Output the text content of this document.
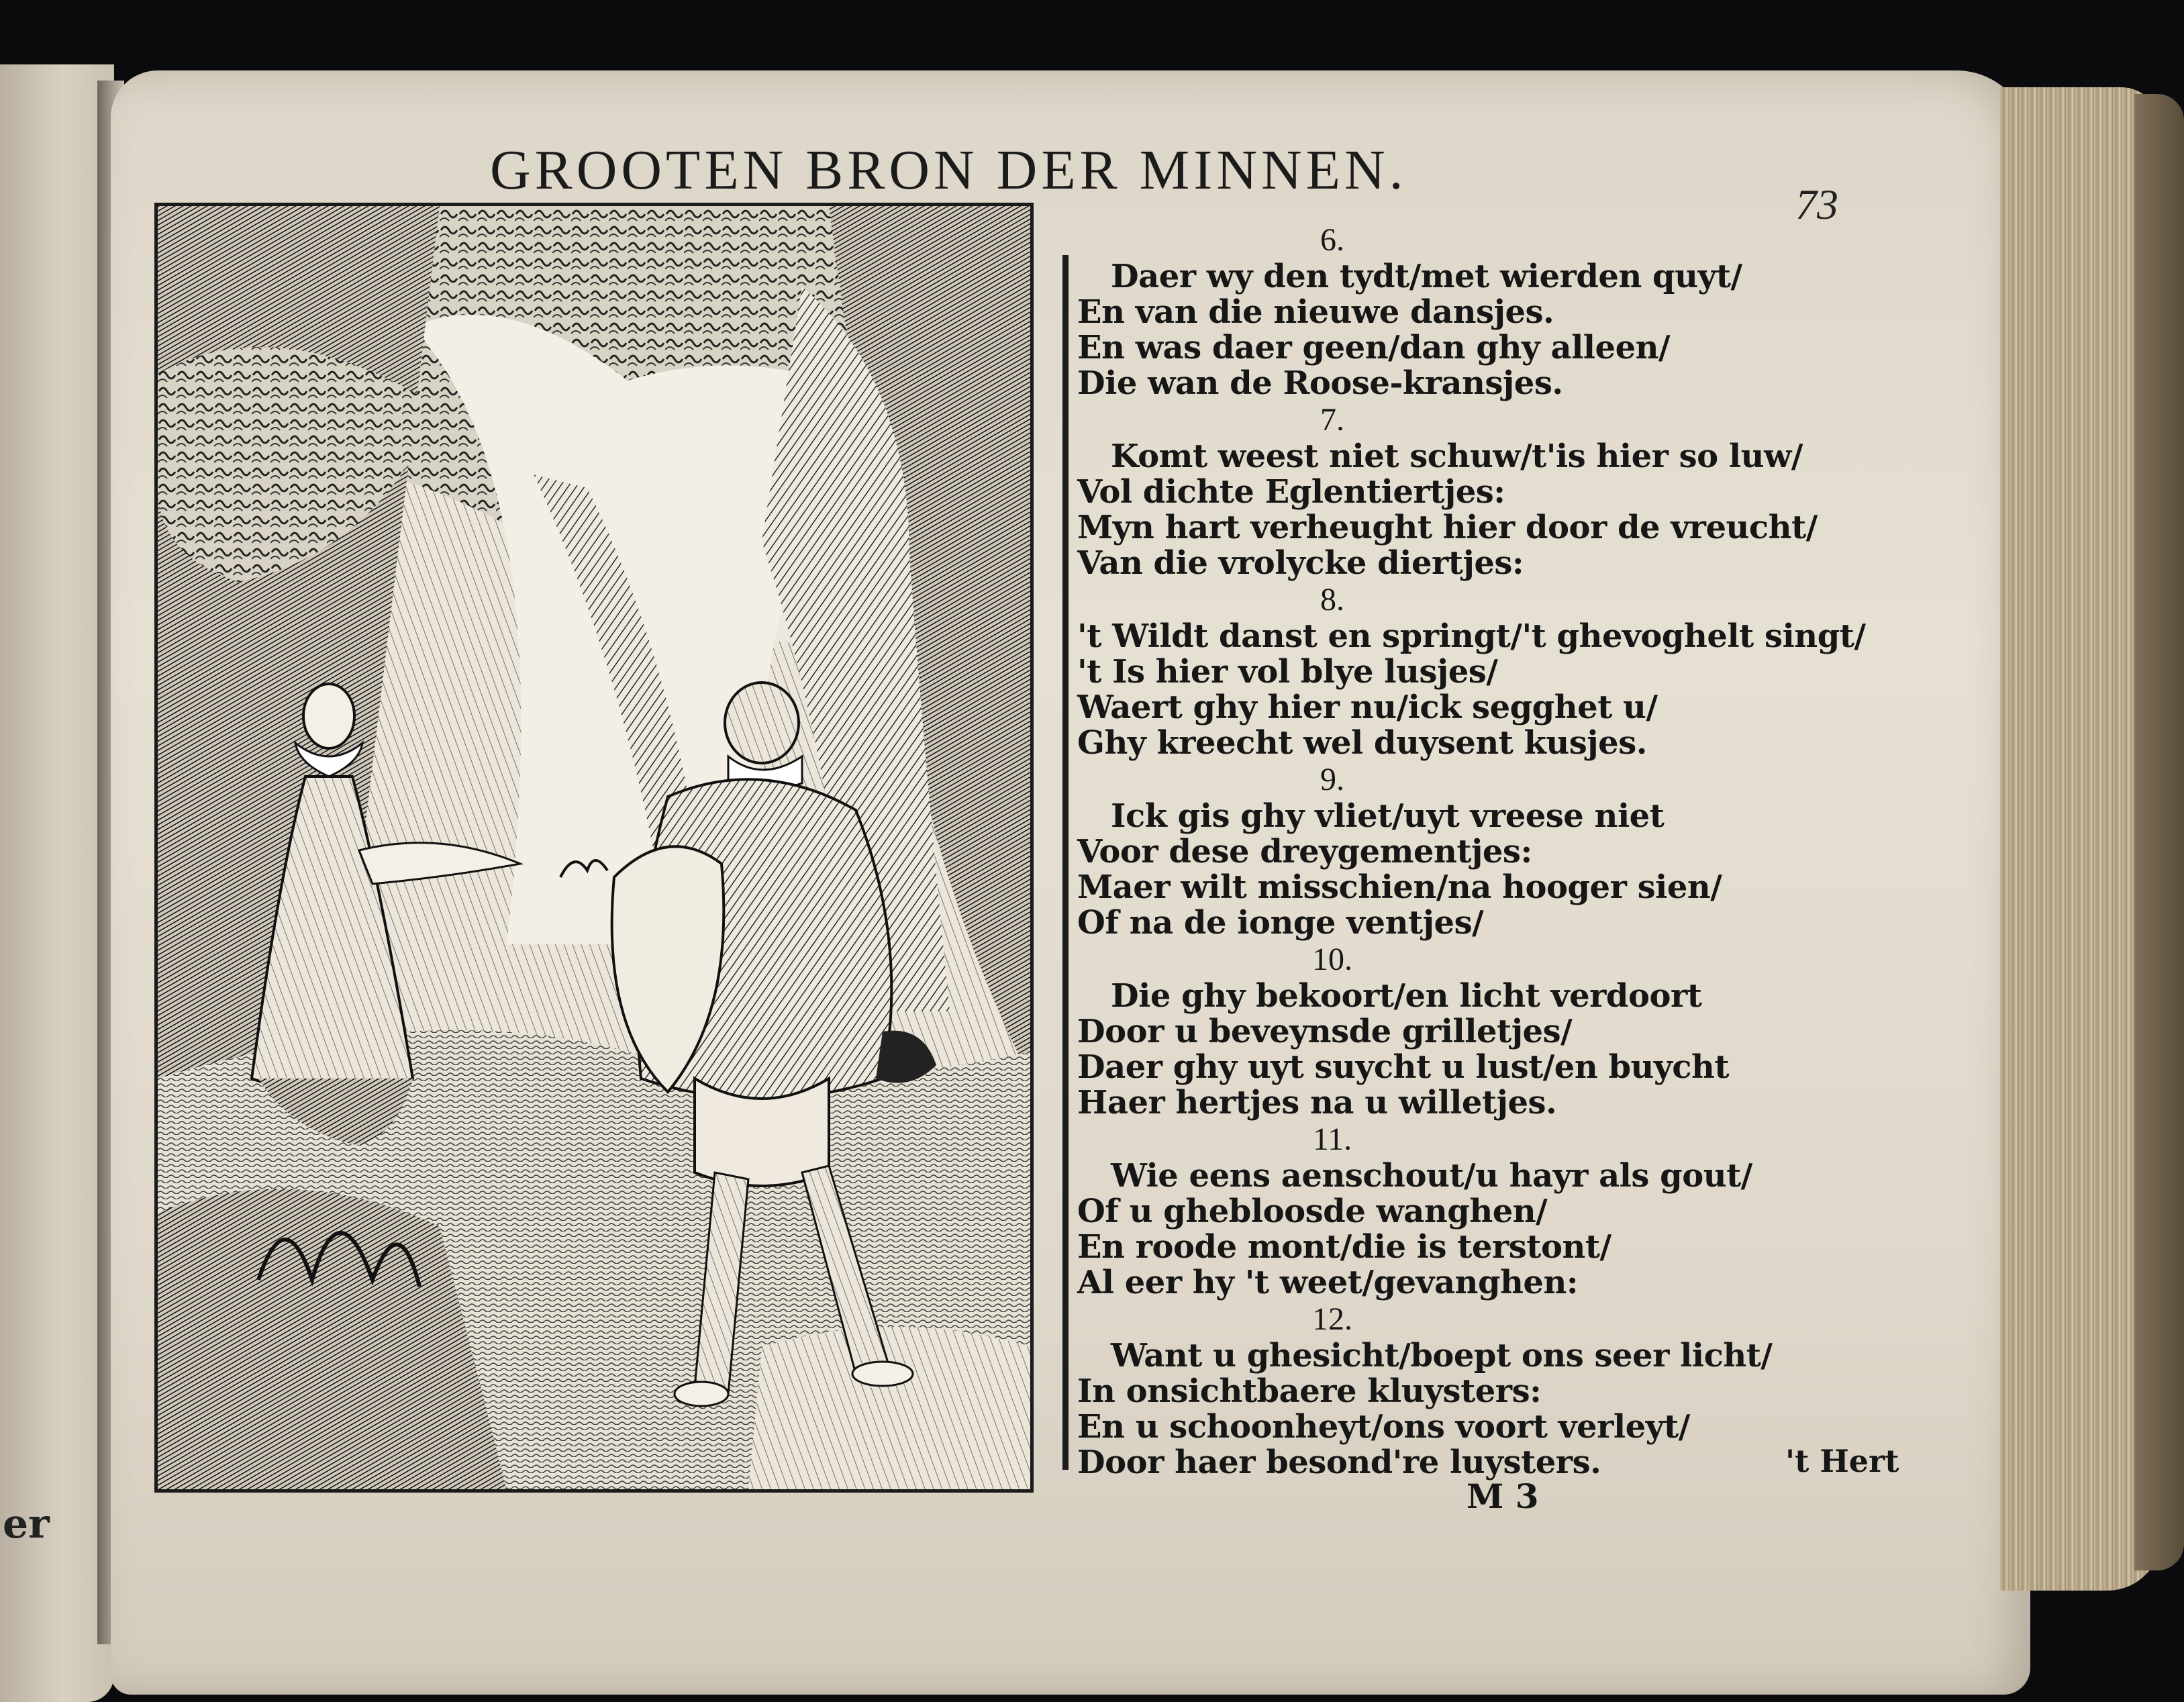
er
GROOTEN BRON DER MINNEN.
73
6.
Daer wy den tydt/met wierden quyt/
En van die nieuwe dansjes.
En was daer geen/dan ghy alleen/
Die wan de Roose-kransjes.
7.
Komt weest niet schuw/t'is hier so luw/
Vol dichte Eglentiertjes:
Myn hart verheught hier door de vreucht/
Van die vrolycke diertjes:
8.
't Wildt danst en springt/'t ghevoghelt singt/
't Is hier vol blye lusjes/
Waert ghy hier nu/ick segghet u/
Ghy kreecht wel duysent kusjes.
9.
Ick gis ghy vliet/uyt vreese niet
Voor dese dreygementjes:
Maer wilt misschien/na hooger sien/
Of na de ionge ventjes/
10.
Die ghy bekoort/en licht verdoort
Door u beveynsde grilletjes/
Daer ghy uyt suycht u lust/en buycht
Haer hertjes na u willetjes.
11.
Wie eens aenschout/u hayr als gout/
Of u ghebloosde wanghen/
En roode mont/die is terstont/
Al eer hy 't weet/gevanghen:
12.
Want u ghesicht/boept ons seer licht/
In onsichtbaere kluysters:
En u schoonheyt/ons voort verleyt/
Door haer besond're luysters.	't Hert
M 3
